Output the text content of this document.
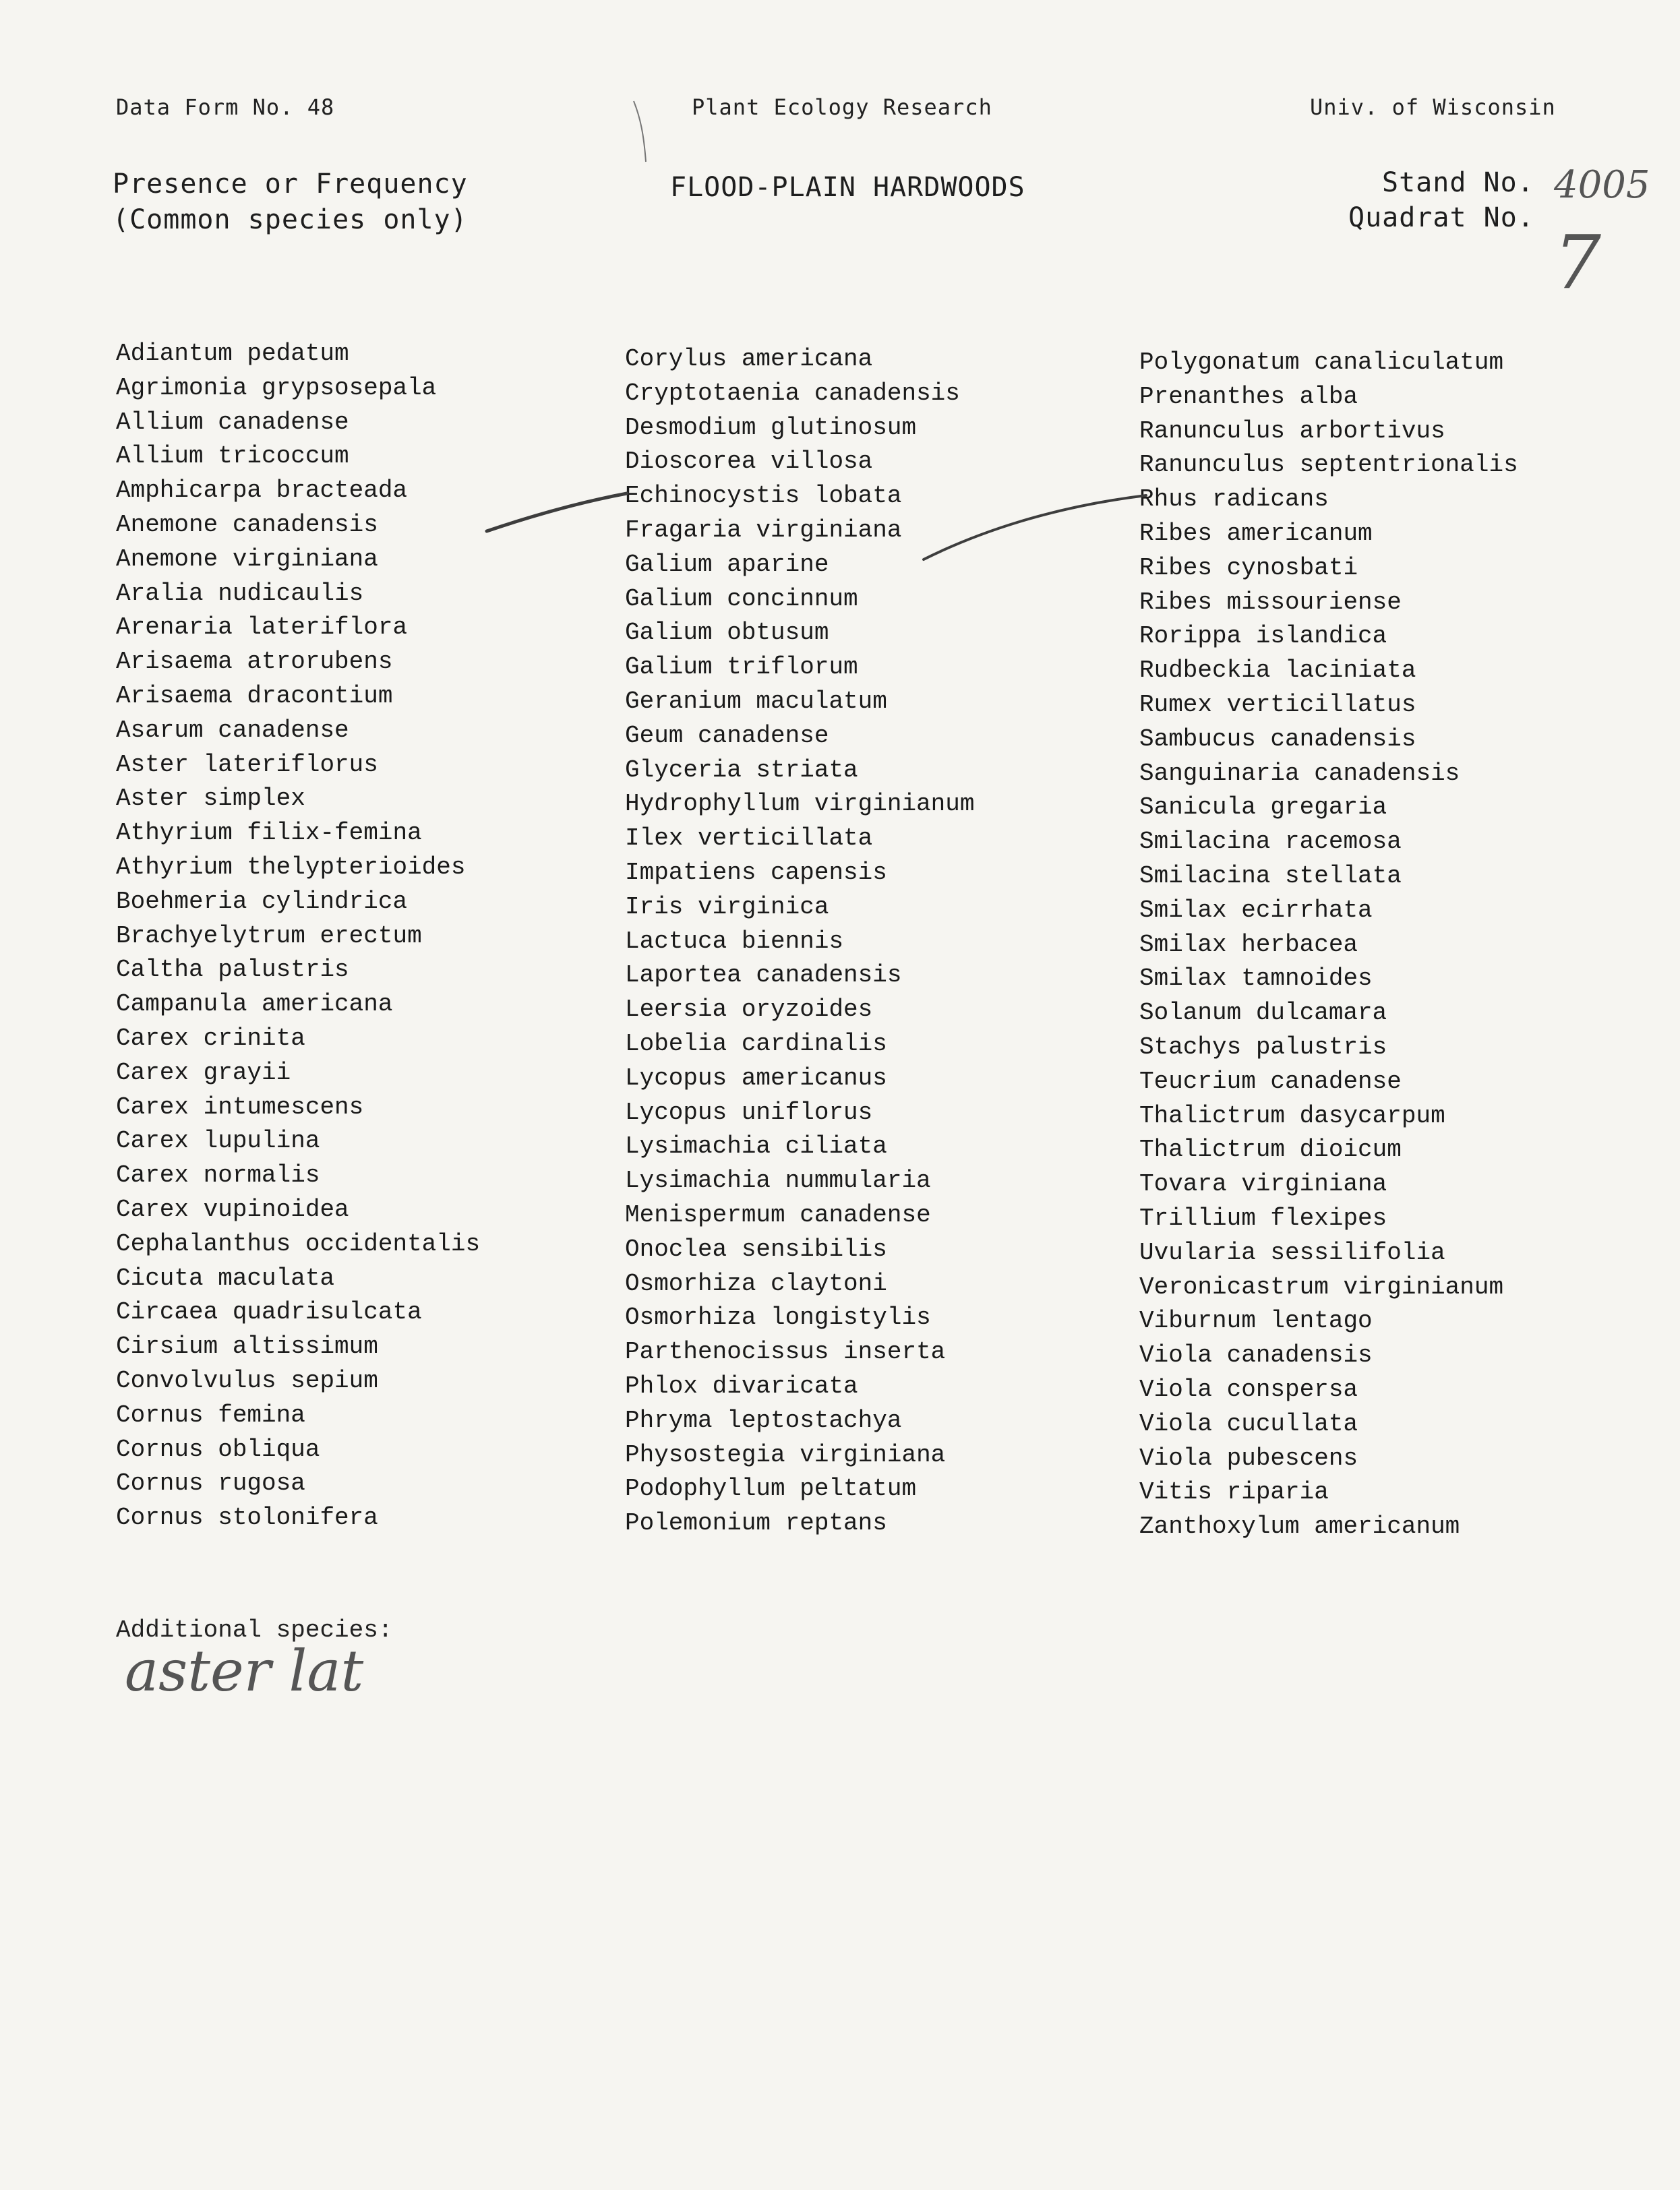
Data Form No. 48	Plant Ecology Research	Univ. of Wisconsin
Presence or Frequency
(Common species only)
FLOOD-PLAIN HARDWOODS	Stand No. 4005
Quadrat No.
7
Adiantum pedatum
Agrimonia grypsosepala
Allium canadense
Allium tricoccum
Amphicarpa bracteada
Anemone canadensis
Anemone virginiana
Aralia nudicaulis
Arenaria lateriflora
Arisaema atrorubens
Arisaema dracontium
Asarum canadense
Aster lateriflorus
Aster simplex
Athyrium filix-femina
Athyrium thelypterioides
Boehmeria cylindrica
Brachyelytrum erectum
Caltha palustris
Campanula americana
Carex crinita
Carex grayii
Carex intumescens
Carex lupulina
Carex normalis
Carex vupinoidea
Cephalanthus occidentalis
Cicuta maculata
Circaea quadrisulcata
Cirsium altissimum
Convolvulus sepium
Cornus femina
Cornus obliqua
Cornus rugosa
Cornus stolonifera
Corylus americana
Cryptotaenia canadensis
Desmodium glutinosum
Dioscorea villosa
Echinocystis lobata
Fragaria virginiana
Galium aparine
Galium concinnum
Galium obtusum
Galium triflorum
Geranium maculatum
Geum canadense
Glyceria striata
Hydrophyllum virginianum
Ilex verticillata
Impatiens capensis
Iris virginica
Lactuca biennis
Laportea canadensis
Leersia oryzoides
Lobelia cardinalis
Lycopus americanus
Lycopus uniflorus
Lysimachia ciliata
Lysimachia nummularia
Menispermum canadense
Onoclea sensibilis
Osmorhiza claytoni
Osmorhiza longistylis
Parthenocissus inserta
Phlox divaricata
Phryma leptostachya
Physostegia virginiana
Podophyllum peltatum
Polemonium reptans
Polygonatum canaliculatum
Prenanthes alba
Ranunculus arbortivus
Ranunculus septentrionalis
Rhus radicans
Ribes americanum
Ribes cynosbati
Ribes missouriense
Rorippa islandica
Rudbeckia laciniata
Rumex verticillatus
Sambucus canadensis
Sanguinaria canadensis
Sanicula gregaria
Smilacina racemosa
Smilacina stellata
Smilax ecirrhata
Smilax herbacea
Smilax tamnoides
Solanum dulcamara
Stachys palustris
Teucrium canadense
Thalictrum dasycarpum
Thalictrum dioicum
Tovara virginiana
Trillium flexipes
Uvularia sessilifolia
Veronicastrum virginianum
Viburnum lentago
Viola canadensis
Viola conspersa
Viola cucullata
Viola pubescens
Vitis riparia
Zanthoxylum americanum
Additional species:
aster lat
